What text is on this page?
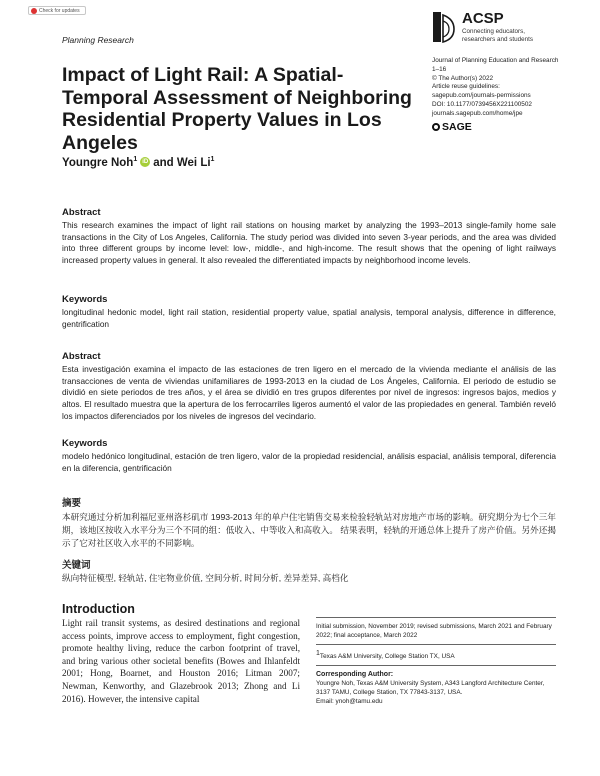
Check for updates
Planning Research
ACSP
Connecting educators,
researchers and students
Journal of Planning Education and Research
1–16
© The Author(s) 2022
Article reuse guidelines:
sagepub.com/journals-permissions
DOI: 10.1177/0739456X221100502
journals.sagepub.com/home/jpe
SAGE
Impact of Light Rail: A Spatial-Temporal Assessment of Neighboring Residential Property Values in Los Angeles
Youngre Noh$^1$ iD and Wei Li$^1$
Abstract
This research examines the impact of light rail stations on housing market by analyzing the 1993–2013 single-family home sale transactions in the City of Los Angeles, California. The study period was divided into seven 3-year periods, and the area was divided into three different groups by income level: low-, middle-, and high-income. The result shows that the opening of light railways increased property values in general. It also revealed the differentiated impacts by neighborhood income levels.
Keywords
longitudinal hedonic model, light rail station, residential property value, spatial analysis, temporal analysis, difference in difference, gentrification
Abstract
Esta investigación examina el impacto de las estaciones de tren ligero en el mercado de la vivienda mediante el análisis de las transacciones de venta de viviendas unifamiliares de 1993-2013 en la ciudad de Los Ángeles, California. El periodo de estudio se dividió en siete periodos de tres años, y el área se dividió en tres grupos diferentes por nivel de ingresos: ingresos bajos, medios y altos. El resultado muestra que la apertura de los ferrocarriles ligeros aumentó el valor de las propiedades en general. También reveló los impactos diferenciados por los niveles de ingresos del vecindario.
Keywords
modelo hedónico longitudinal, estación de tren ligero, valor de la propiedad residencial, análisis espacial, análisis temporal, diferencia en la diferencia, gentrificación
摘要
本研究通过分析加利福尼亚州洛杉矶市 1993-2013 年的单户住宅销售交易来检验轻轨站对房地产市场的影响。研究期分为七个三年期，该地区按收入水平分为三个不同的组：低收入、中等收入和高收入。 结果表明，轻轨的开通总体上提升了房产价值。另外还揭示了它对社区收入水平的不同影响。
关键词
纵向特征模型, 轻轨站, 住宅物业价值, 空间分析, 时间分析, 差异差异, 高档化
Introduction
Light rail transit systems, as desired destinations and regional access points, improve access to employment, fight congestion, promote healthy living, reduce the carbon footprint of travel, and bring various other societal benefits (Bowes and Ihlanfeldt 2001; Hong, Boarnet, and Houston 2016; Litman 2007; Newman, Kenworthy, and Glazebrook 2013; Zhong and Li 2016). However, the intensive capital
Initial submission, November 2019; revised submissions, March 2021 and February 2022; final acceptance, March 2022
$^1$Texas A&M University, College Station TX, USA
Corresponding Author:
Youngre Noh, Texas A&M University System, A343 Langford Architecture Center, 3137 TAMU, College Station, TX 77843-3137, USA.
Email: ynoh@tamu.edu
